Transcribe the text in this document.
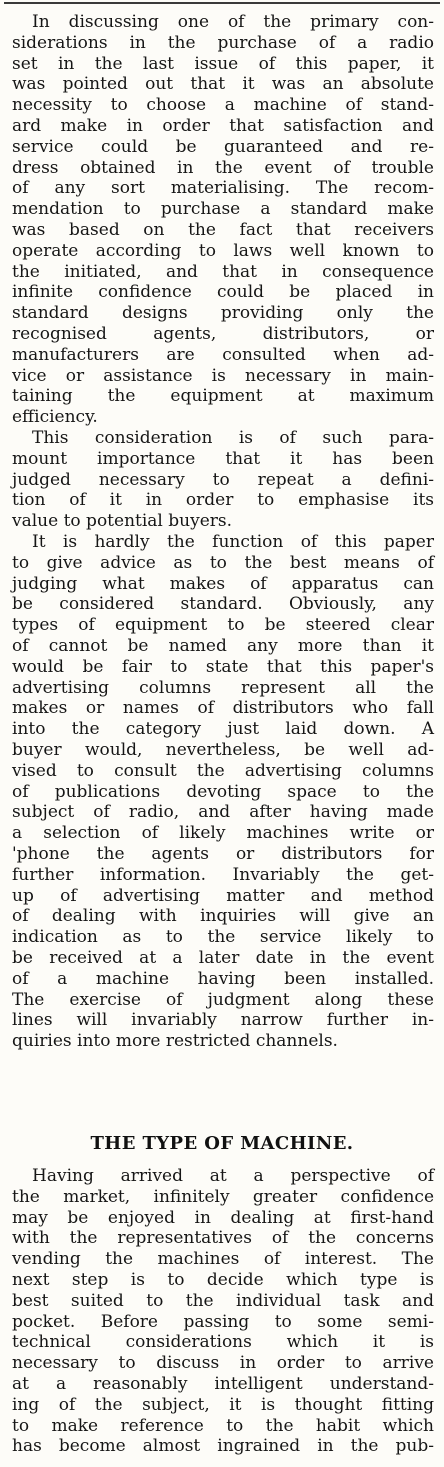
In discussing one of the primary con-
siderations in the purchase of a radio
set in the last issue of this paper, it
was pointed out that it was an absolute
necessity to choose a machine of stand-
ard make in order that satisfaction and
service could be guaranteed and re-
dress obtained in the event of trouble
of any sort materialising. The recom-
mendation to purchase a standard make
was based on the fact that receivers
operate according to laws well known to
the initiated, and that in consequence
infinite confidence could be placed in
standard designs providing only the
recognised agents, distributors, or
manufacturers are consulted when ad-
vice or assistance is necessary in main-
taining the equipment at maximum
efficiency.
This consideration is of such para-
mount importance that it has been
judged necessary to repeat a defini-
tion of it in order to emphasise its
value to potential buyers.
It is hardly the function of this paper
to give advice as to the best means of
judging what makes of apparatus can
be considered standard. Obviously, any
types of equipment to be steered clear
of cannot be named any more than it
would be fair to state that this paper's
advertising columns represent all the
makes or names of distributors who fall
into the category just laid down. A
buyer would, nevertheless, be well ad-
vised to consult the advertising columns
of publications devoting space to the
subject of radio, and after having made
a selection of likely machines write or
'phone the agents or distributors for
further information. Invariably the get-
up of advertising matter and method
of dealing with inquiries will give an
indication as to the service likely to
be received at a later date in the event
of a machine having been installed.
The exercise of judgment along these
lines will invariably narrow further in-
quiries into more restricted channels.
THE TYPE OF MACHINE.
Having arrived at a perspective of
the market, infinitely greater confidence
may be enjoyed in dealing at first-hand
with the representatives of the concerns
vending the machines of interest. The
next step is to decide which type is
best suited to the individual task and
pocket. Before passing to some semi-
technical considerations which it is
necessary to discuss in order to arrive
at a reasonably intelligent understand-
ing of the subject, it is thought fitting
to make reference to the habit which
has become almost ingrained in the pub-
